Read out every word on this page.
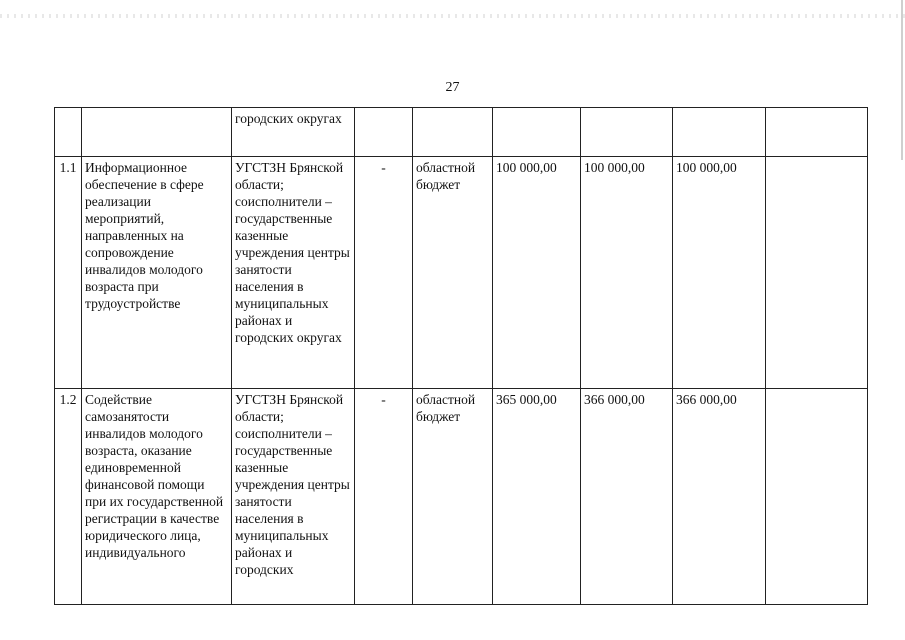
27
		городских округах						
1.1	Информационное обеспечение в сфере реализации мероприятий, направленных на сопровождение инвалидов молодого возраста при трудоустройстве	УГСТЗН Брянской области; соисполнители – государственные казенные учреждения центры занятости населения в муниципальных районах и городских округах	-	областной бюджет	100 000,00	100 000,00	100 000,00	
1.2	Содействие самозанятости инвалидов молодого возраста, оказание единовременной финансовой помощи при их государственной регистрации в качестве юридического лица, индивидуального	УГСТЗН Брянской области; соисполнители – государственные казенные учреждения центры занятости населения в муниципальных районах и городских	-	областной бюджет	365 000,00	366 000,00	366 000,00	
